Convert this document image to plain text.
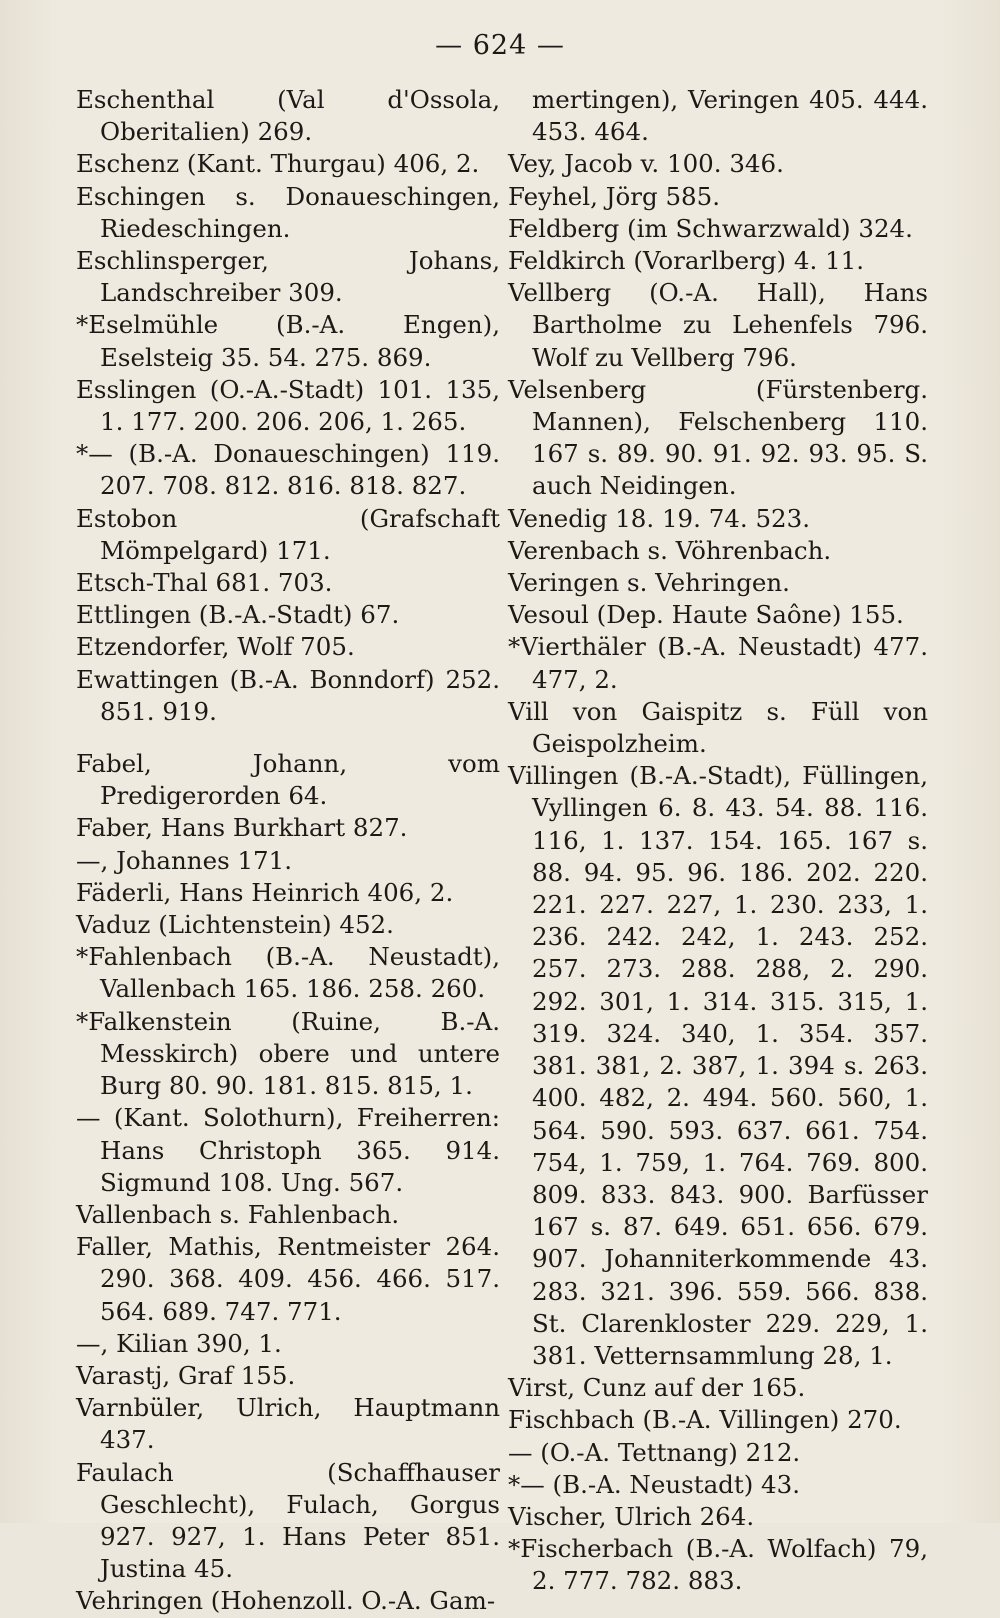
— 624 —
Eschenthal (Val d'Ossola, Oberitalien) 269.
Eschenz (Kant. Thurgau) 406, 2.
Eschingen s. Donaueschingen, Riedeschingen.
Eschlinsperger, Johans, Landschreiber 309.
*Eselmühle (B.-A. Engen), Eselsteig 35. 54. 275. 869.
Esslingen (O.-A.-Stadt) 101. 135, 1. 177. 200. 206. 206, 1. 265.
*— (B.-A. Donaueschingen) 119. 207. 708. 812. 816. 818. 827.
Estobon (Grafschaft Mömpelgard) 171.
Etsch-Thal 681. 703.
Ettlingen (B.-A.-Stadt) 67.
Etzendorfer, Wolf 705.
Ewattingen (B.-A. Bonndorf) 252. 851. 919.
Fabel, Johann, vom Predigerorden 64.
Faber, Hans Burkhart 827.
—, Johannes 171.
Fäderli, Hans Heinrich 406, 2.
Vaduz (Lichtenstein) 452.
*Fahlenbach (B.-A. Neustadt), Vallenbach 165. 186. 258. 260.
*Falkenstein (Ruine, B.-A. Messkirch) obere und untere Burg 80. 90. 181. 815. 815, 1.
— (Kant. Solothurn), Freiherren: Hans Christoph 365. 914. Sigmund 108. Ung. 567.
Vallenbach s. Fahlenbach.
Faller, Mathis, Rentmeister 264. 290. 368. 409. 456. 466. 517. 564. 689. 747. 771.
—, Kilian 390, 1.
Varastj, Graf 155.
Varnbüler, Ulrich, Hauptmann 437.
Faulach (Schaffhauser Geschlecht), Fulach, Gorgus 927. 927, 1. Hans Peter 851. Justina 45.
Vehringen (Hohenzoll. O.-A. Gam-
mertingen), Veringen 405. 444. 453. 464.
Vey, Jacob v. 100. 346.
Feyhel, Jörg 585.
Feldberg (im Schwarzwald) 324.
Feldkirch (Vorarlberg) 4. 11.
Vellberg (O.-A. Hall), Hans Bartholme zu Lehenfels 796. Wolf zu Vellberg 796.
Velsenberg (Fürstenberg. Mannen), Felschenberg 110. 167 s. 89. 90. 91. 92. 93. 95. S. auch Neidingen.
Venedig 18. 19. 74. 523.
Verenbach s. Vöhrenbach.
Veringen s. Vehringen.
Vesoul (Dep. Haute Saône) 155.
*Vierthäler (B.-A. Neustadt) 477. 477, 2.
Vill von Gaispitz s. Füll von Geispolzheim.
Villingen (B.-A.-Stadt), Füllingen, Vyllingen 6. 8. 43. 54. 88. 116. 116, 1. 137. 154. 165. 167 s. 88. 94. 95. 96. 186. 202. 220. 221. 227. 227, 1. 230. 233, 1. 236. 242. 242, 1. 243. 252. 257. 273. 288. 288, 2. 290. 292. 301, 1. 314. 315. 315, 1. 319. 324. 340, 1. 354. 357. 381. 381, 2. 387, 1. 394 s. 263. 400. 482, 2. 494. 560. 560, 1. 564. 590. 593. 637. 661. 754. 754, 1. 759, 1. 764. 769. 800. 809. 833. 843. 900. Barfüsser 167 s. 87. 649. 651. 656. 679. 907. Johanniterkommende 43. 283. 321. 396. 559. 566. 838. St. Clarenkloster 229. 229, 1. 381. Vetternsammlung 28, 1.
Virst, Cunz auf der 165.
Fischbach (B.-A. Villingen) 270.
— (O.-A. Tettnang) 212.
*— (B.-A. Neustadt) 43.
Vischer, Ulrich 264.
*Fischerbach (B.-A. Wolfach) 79, 2. 777. 782. 883.
